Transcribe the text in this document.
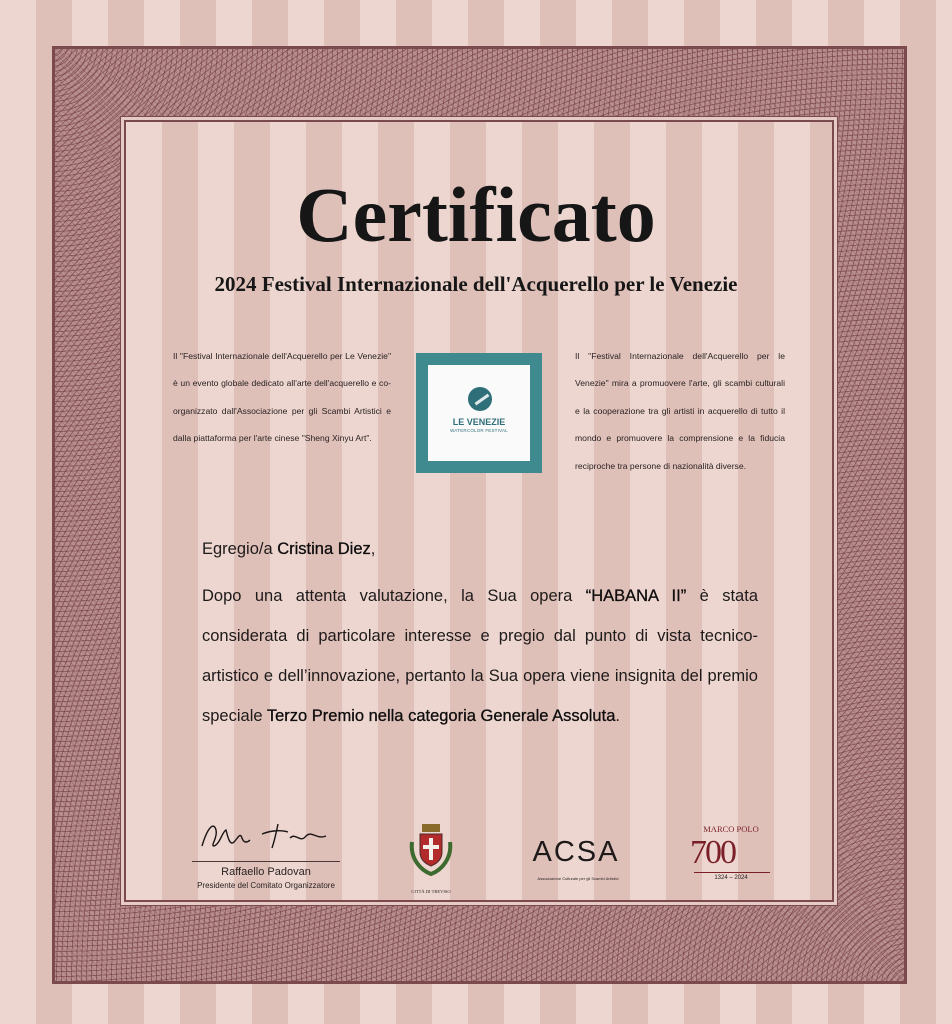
Certificato
2024 Festival Internazionale dell'Acquerello per le Venezie
Il "Festival Internazionale dell'Acquerello per Le Venezie" è un evento globale dedicato all'arte dell'acquerello e co-organizzato dall'Associazione per gli Scambi Artistici e dalla piattaforma per l'arte cinese "Sheng Xinyu Art".
Il "Festival Internazionale dell'Acquerello per le Venezie" mira a promuovere l'arte, gli scambi culturali e la cooperazione tra gli artisti in acquerello di tutto il mondo e promuovere la comprensione e la fiducia reciproche tra persone di nazionalità diverse.
LE VENEZIE
WATERCOLOR FESTIVAL

Egregio/a Cristina Diez,

Dopo una attenta valutazione, la Sua opera “HABANA II” è stata considerata di particolare interesse e pregio dal punto di vista tecnico-artistico e dell’innovazione, pertanto la Sua opera viene insignita del premio speciale Terzo Premio nella categoria Generale Assoluta.

Raffaello Padovan
Presidente del Comitato Organizzatore
CITTÀ DI TREVISO
ACSA
Associazione Culturale per gli Scambi Artistici
MARCO POLO
700
1324 – 2024
